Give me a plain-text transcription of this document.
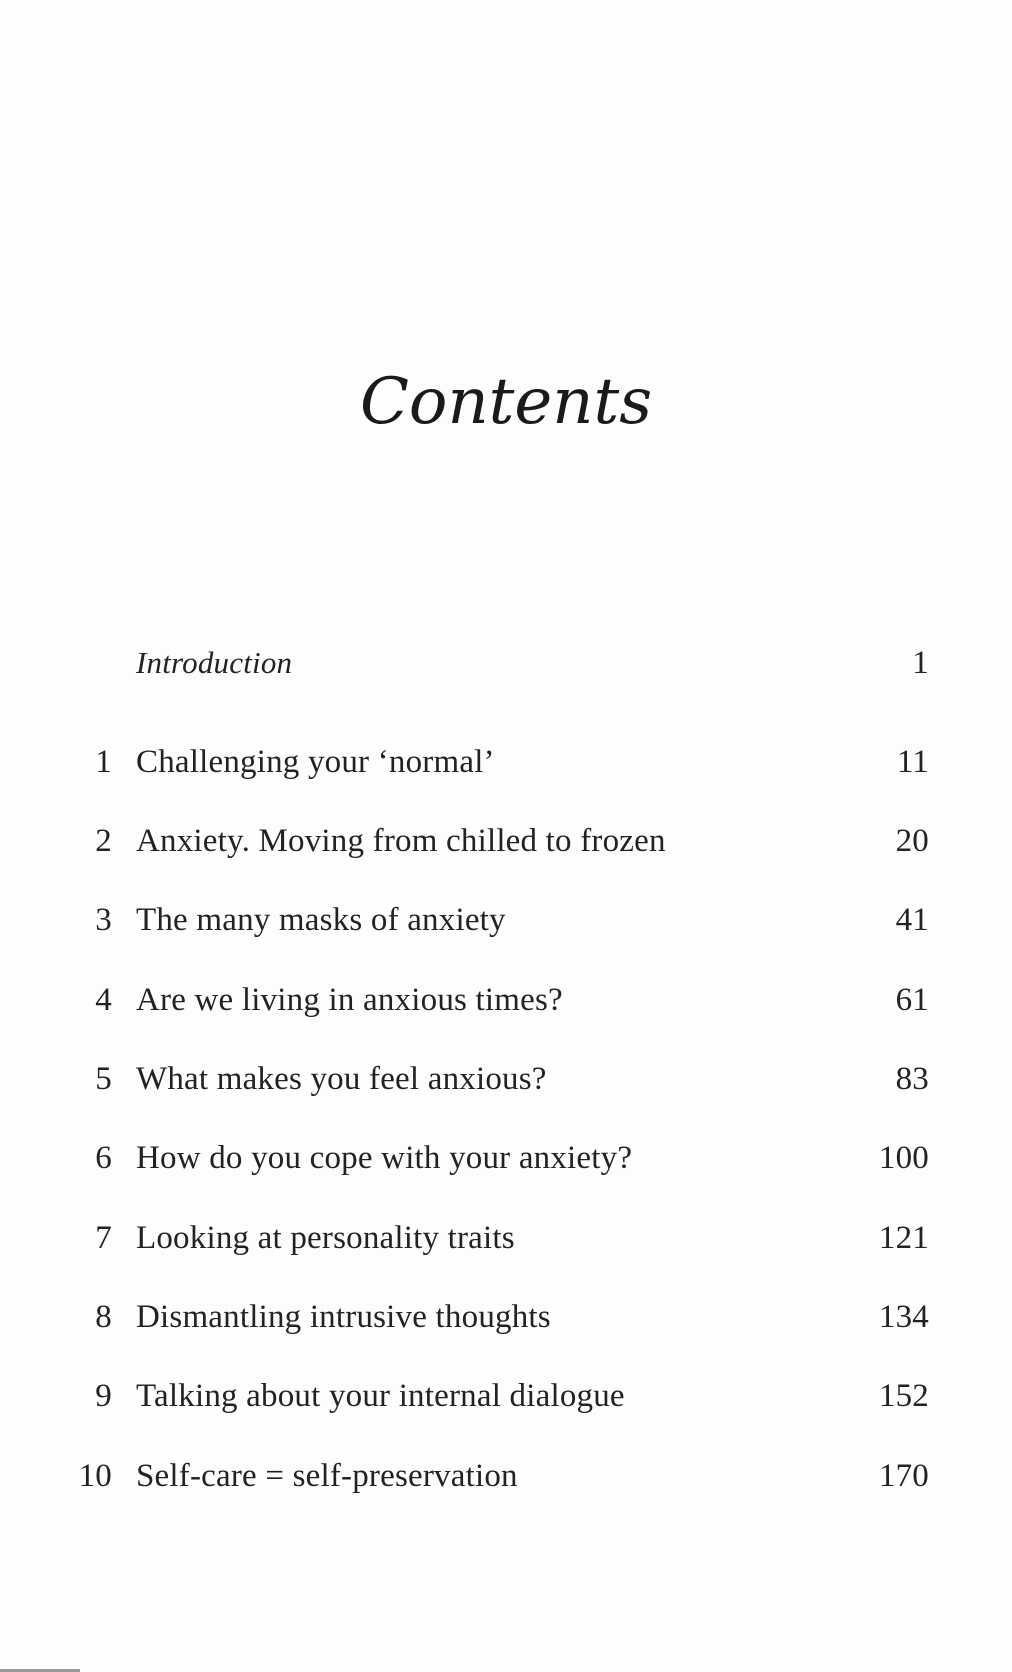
Contents
Introduction	1
1 Challenging your ‘normal’	11
2 Anxiety. Moving from chilled to frozen	20
3 The many masks of anxiety	41
4 Are we living in anxious times?	61
5 What makes you feel anxious?	83
6 How do you cope with your anxiety?	100
7 Looking at personality traits	121
8 Dismantling intrusive thoughts	134
9 Talking about your internal dialogue	152
10 Self-care = self-preservation	170
